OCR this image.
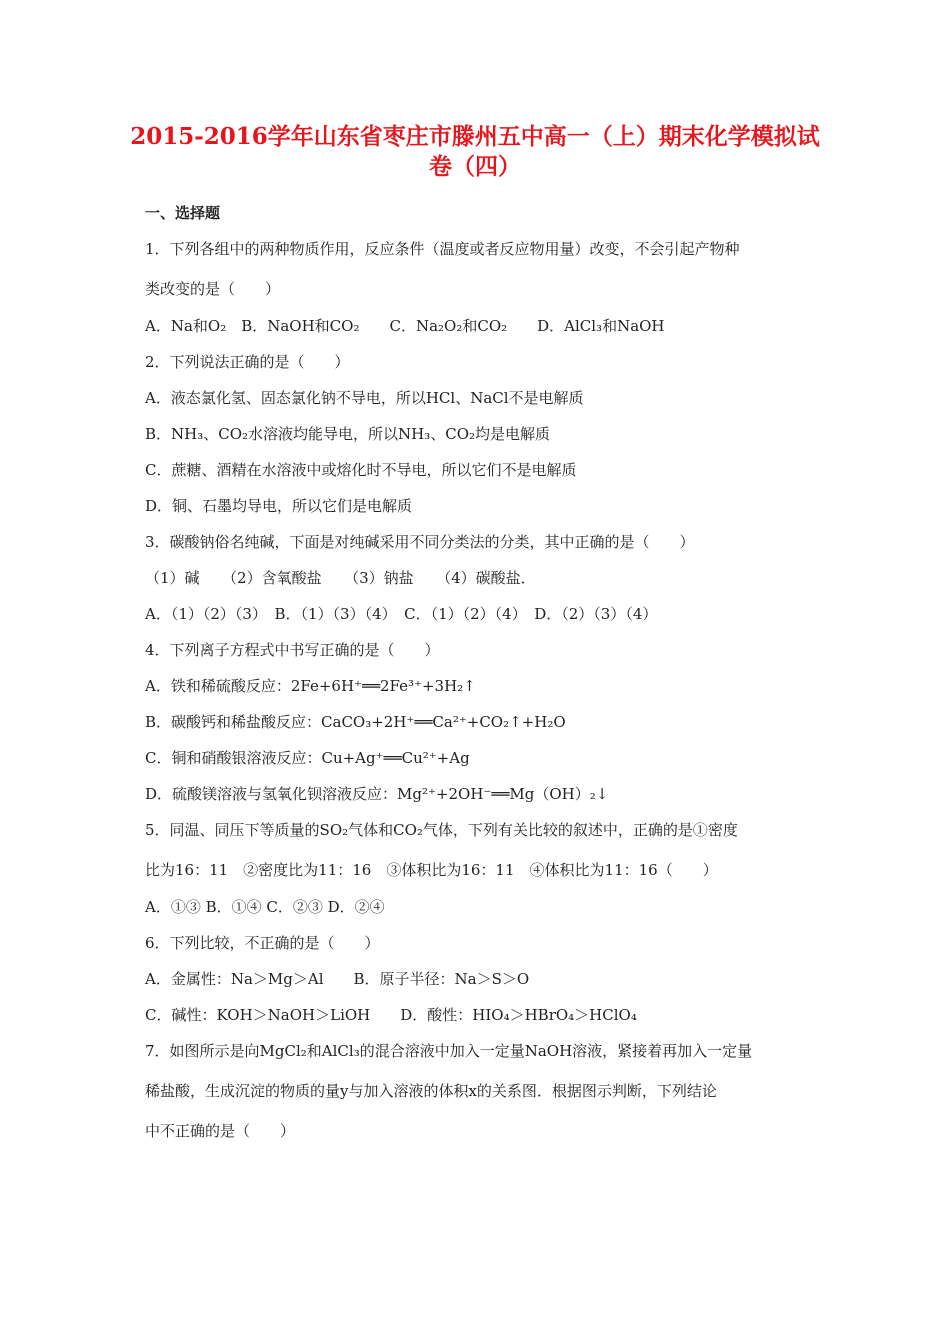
2015-2016学年山东省枣庄市滕州五中高一（上）期末化学模拟试
卷（四）
一、选择题
1．下列各组中的两种物质作用，反应条件（温度或者反应物用量）改变，不会引起产物种
类改变的是（　　）
A．Na和O₂　B．NaOH和CO₂　　C．Na₂O₂和CO₂　　D．AlCl₃和NaOH
2．下列说法正确的是（　　）
A．液态氯化氢、固态氯化钠不导电，所以HCl、NaCl不是电解质
B．NH₃、CO₂水溶液均能导电，所以NH₃、CO₂均是电解质
C．蔗糖、酒精在水溶液中或熔化时不导电，所以它们不是电解质
D．铜、石墨均导电，所以它们是电解质
3．碳酸钠俗名纯碱，下面是对纯碱采用不同分类法的分类，其中正确的是（　　）
（1）碱　　（2）含氧酸盐　　（3）钠盐　　（4）碳酸盐．
A．（1）（2）（3）　B．（1）（3）（4）　C．（1）（2）（4）　D．（2）（3）（4）
4．下列离子方程式中书写正确的是（　　）
A．铁和稀硫酸反应：2Fe+6H⁺══2Fe³⁺+3H₂↑
B．碳酸钙和稀盐酸反应：CaCO₃+2H⁺══Ca²⁺+CO₂↑+H₂O
C．铜和硝酸银溶液反应：Cu+Ag⁺══Cu²⁺+Ag
D．硫酸镁溶液与氢氧化钡溶液反应：Mg²⁺+2OH⁻══Mg（OH）₂↓
5．同温、同压下等质量的SO₂气体和CO₂气体，下列有关比较的叙述中，正确的是①密度
比为16：11　②密度比为11：16　③体积比为16：11　④体积比为11：16（　　）
A．①③ B．①④ C．②③ D．②④
6．下列比较，不正确的是（　　）
A．金属性：Na＞Mg＞Al　　B．原子半径：Na＞S＞O
C．碱性：KOH＞NaOH＞LiOH　　D．酸性：HIO₄＞HBrO₄＞HClO₄
7．如图所示是向MgCl₂和AlCl₃的混合溶液中加入一定量NaOH溶液，紧接着再加入一定量
稀盐酸，生成沉淀的物质的量y与加入溶液的体积x的关系图．根据图示判断，下列结论
中不正确的是（　　）
